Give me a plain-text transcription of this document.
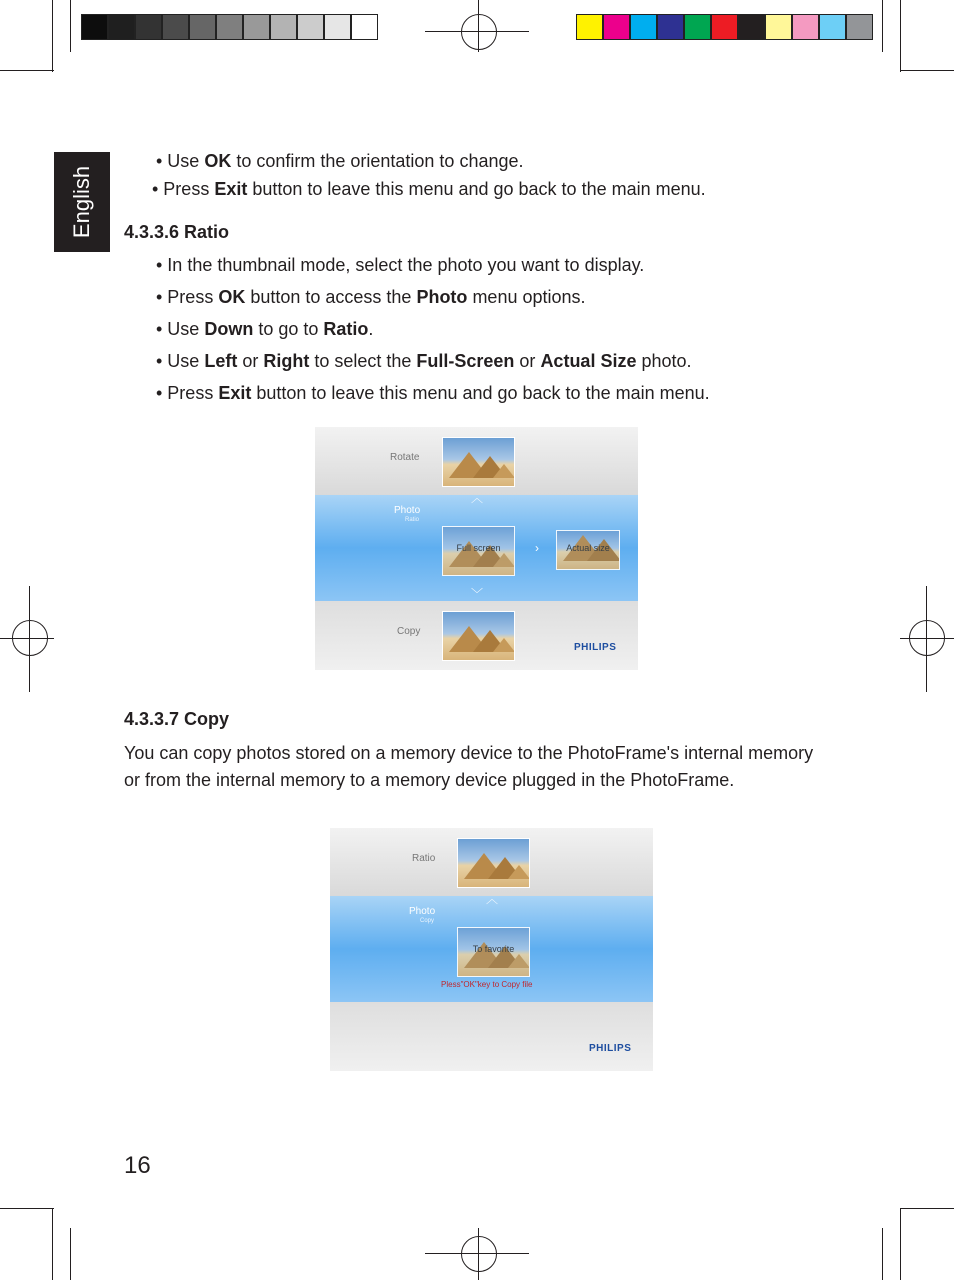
English
• Use OK to confirm the orientation to change.
• Press Exit button to leave this menu and go back to the main menu.
4.3.3.6 Ratio
• In the thumbnail mode, select the photo you want to display.
• Press OK button to access the Photo menu options.
• Use Down to go to Ratio.
• Use Left or Right to select the Full-Screen or Actual Size photo.
• Press Exit button to leave this menu and go back to the main menu.
Rotate
︿
Photo
Ratio
Full screen	›	Actual size
﹀
Copy
PHILIPS
4.3.3.7 Copy
You can copy photos stored on a memory device to the PhotoFrame's internal memory or from the internal memory to a memory device plugged in the PhotoFrame.
Ratio
︿
Photo
Copy
To favorite
Pless"OK"key to Copy file
PHILIPS
16
